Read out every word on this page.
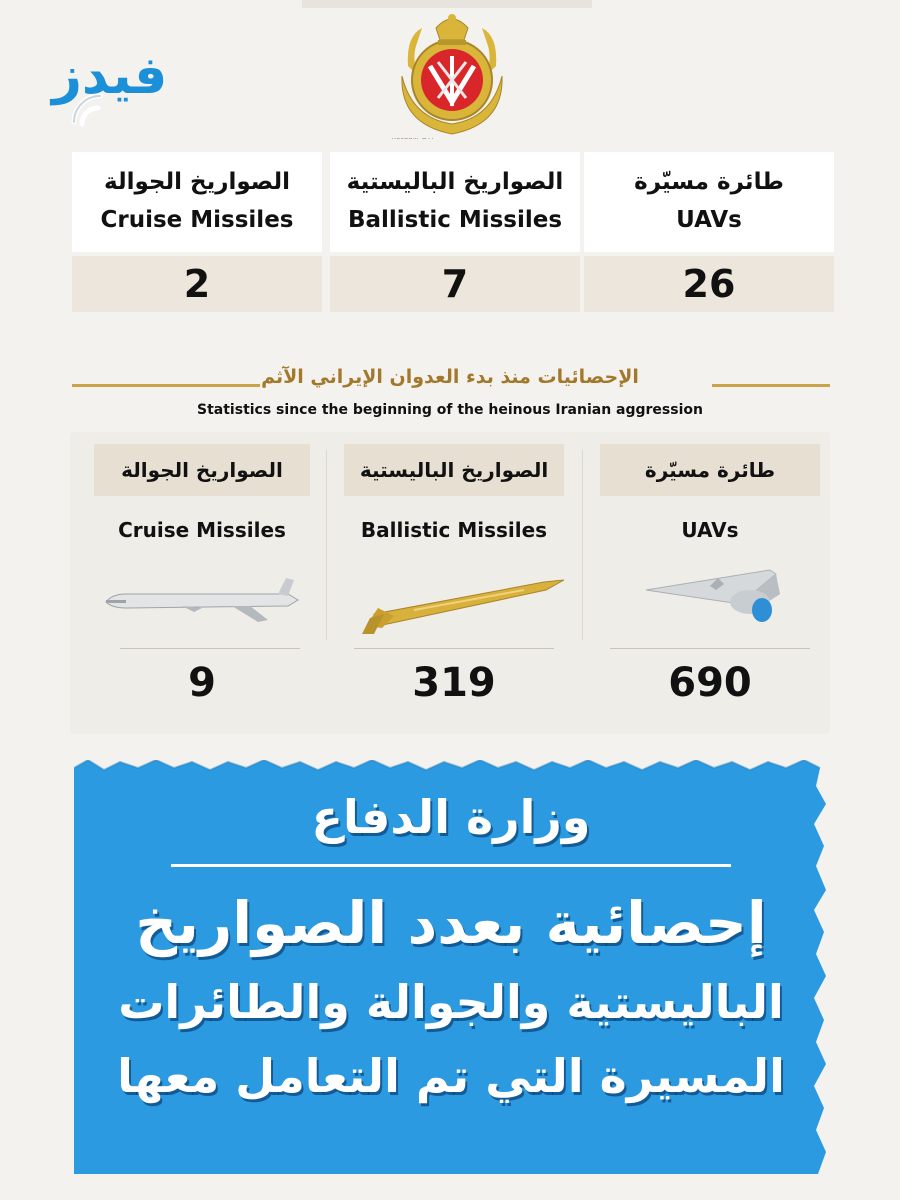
فيدز
طائرة مسيّرة
UAVs
26
الصواريخ الباليستية
Ballistic Missiles
7
الصواريخ الجوالة
Cruise Missiles
2
الإحصائيات منذ بدء العدوان الإيراني الآثم
Statistics since the beginning of the heinous Iranian aggression
طائرة مسيّرة
UAVs
690
الصواريخ الباليستية
Ballistic Missiles
319
الصواريخ الجوالة
Cruise Missiles
9
وزارة الدفاع
إحصائية بعدد الصواريخ
الباليستية والجوالة والطائرات
المسيرة التي تم التعامل معها
